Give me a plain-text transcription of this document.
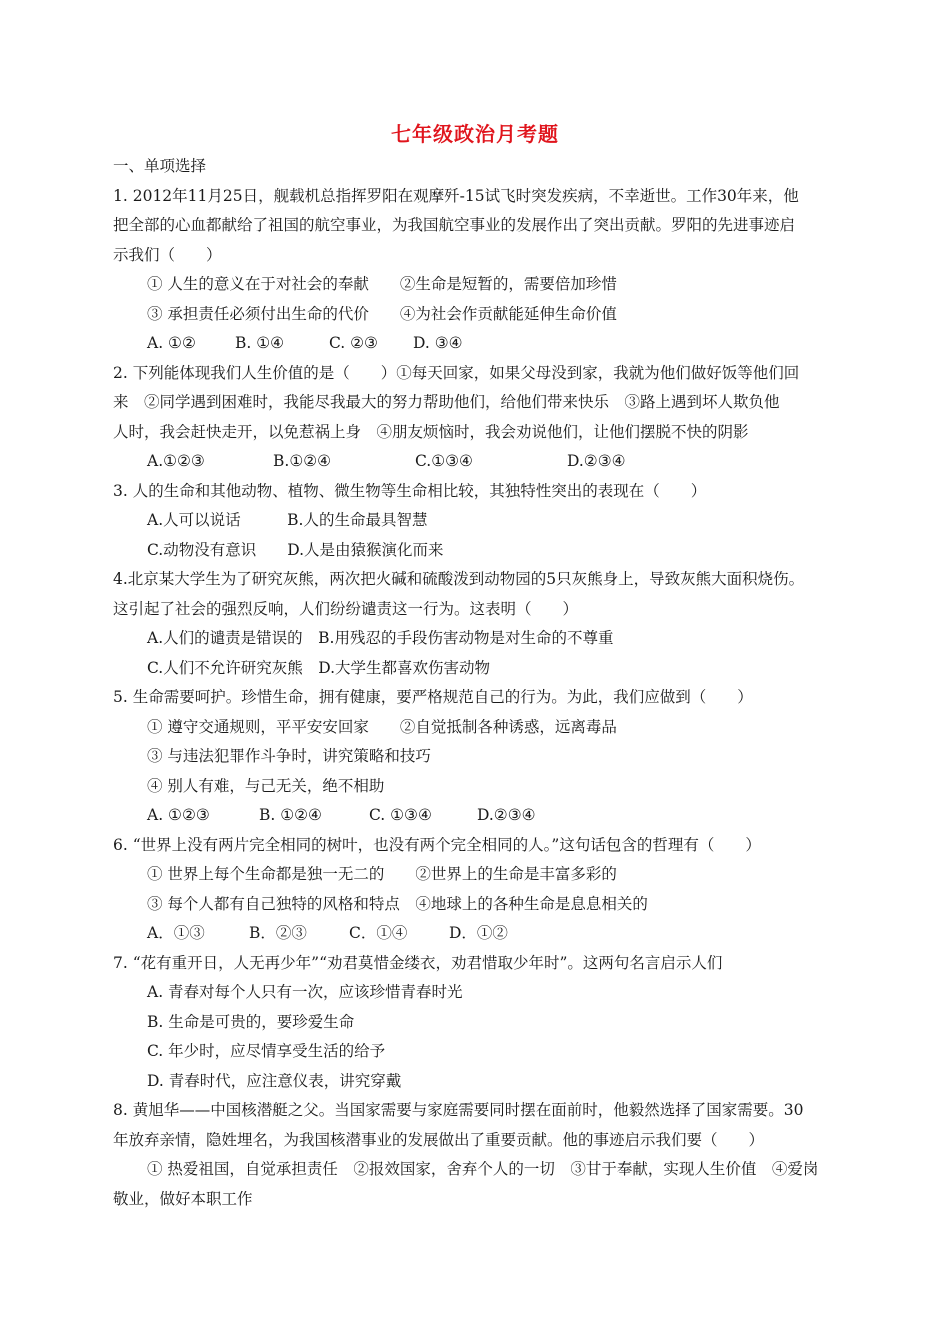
七年级政治月考题
一、单项选择
1. 2012年11月25日，舰载机总指挥罗阳在观摩歼-15试飞时突发疾病，不幸逝世。工作30年来，他
把全部的心血都献给了祖国的航空事业，为我国航空事业的发展作出了突出贡献。罗阳的先进事迹启
示我们（　　）
① 人生的意义在于对社会的奉献　　②生命是短暂的，需要倍加珍惜
③ 承担责任必须付出生命的代价　　④为社会作贡献能延伸生命价值
A. ①②	B. ①④	C. ②③	D. ③④
2. 下列能体现我们人生价值的是（　　）①每天回家，如果父母没到家，我就为他们做好饭等他们回
来　②同学遇到困难时，我能尽我最大的努力帮助他们，给他们带来快乐　③路上遇到坏人欺负他
人时，我会赶快走开，以免惹祸上身　④朋友烦恼时，我会劝说他们，让他们摆脱不快的阴影
A.①②③	B.①②④	C.①③④	D.②③④
3. 人的生命和其他动物、植物、微生物等生命相比较，其独特性突出的表现在（　　）
A.人可以说话　　　B.人的生命最具智慧
C.动物没有意识　　D.人是由猿猴演化而来
4.北京某大学生为了研究灰熊，两次把火碱和硫酸泼到动物园的5只灰熊身上，导致灰熊大面积烧伤。
这引起了社会的强烈反响，人们纷纷谴责这一行为。这表明（　　）
A.人们的谴责是错误的　B.用残忍的手段伤害动物是对生命的不尊重
C.人们不允许研究灰熊　D.大学生都喜欢伤害动物
5. 生命需要呵护。珍惜生命，拥有健康，要严格规范自己的行为。为此，我们应做到（　　）
① 遵守交通规则，平平安安回家　　②自觉抵制各种诱惑，远离毒品
③ 与违法犯罪作斗争时，讲究策略和技巧
④ 别人有难，与己无关，绝不相助
A. ①②③	B. ①②④	C. ①③④	D.②③④
6. “世界上没有两片完全相同的树叶，也没有两个完全相同的人。”这句话包含的哲理有（　　）
① 世界上每个生命都是独一无二的　　②世界上的生命是丰富多彩的
③ 每个人都有自己独特的风格和特点　④地球上的各种生命是息息相关的
A．①③	B．②③	C．①④	D．①②
7. “花有重开日，人无再少年”“劝君莫惜金缕衣，劝君惜取少年时”。这两句名言启示人们
A. 青春对每个人只有一次，应该珍惜青春时光
B. 生命是可贵的，要珍爱生命
C. 年少时，应尽情享受生活的给予
D. 青春时代，应注意仪表，讲究穿戴
8. 黄旭华——中国核潜艇之父。当国家需要与家庭需要同时摆在面前时，他毅然选择了国家需要。30
年放弃亲情，隐姓埋名，为我国核潜事业的发展做出了重要贡献。他的事迹启示我们要（　　）
① 热爱祖国，自觉承担责任　②报效国家，舍弃个人的一切　③甘于奉献，实现人生价值　④爱岗
敬业，做好本职工作
